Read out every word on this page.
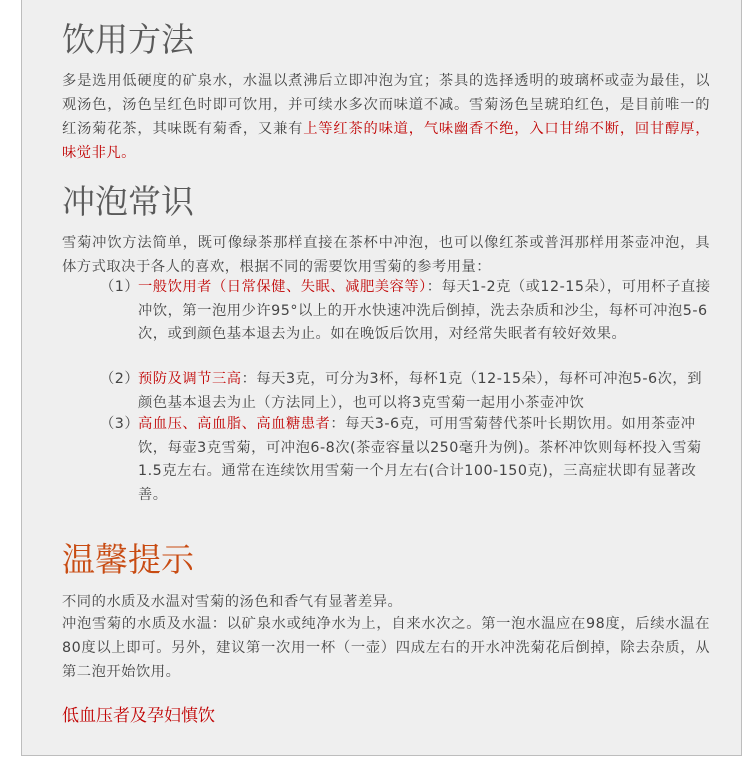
饮用方法
多是选用低硬度的矿泉水，水温以煮沸后立即冲泡为宜；茶具的选择透明的玻璃杯或壶为最佳，以观汤色，汤色呈红色时即可饮用，并可续水多次而味道不减。雪菊汤色呈琥珀红色，是目前唯一的红汤菊花茶，其味既有菊香，又兼有上等红茶的味道，气味幽香不绝，入口甘绵不断，回甘醇厚，味觉非凡。
冲泡常识
雪菊冲饮方法简单，既可像绿茶那样直接在茶杯中冲泡，也可以像红茶或普洱那样用茶壶冲泡，具体方式取决于各人的喜欢，根据不同的需要饮用雪菊的参考用量：
（1）
一般饮用者（日常保健、失眠、减肥美容等）：每天1-2克（或12-15朵），可用杯子直接冲饮，第一泡用少许95°以上的开水快速冲洗后倒掉，洗去杂质和沙尘，每杯可冲泡5-6次，或到颜色基本退去为止。如在晚饭后饮用，对经常失眠者有较好效果。
（2）
预防及调节三高：每天3克，可分为3杯，每杯1克（12-15朵），每杯可冲泡5-6次，到颜色基本退去为止（方法同上），也可以将3克雪菊一起用小茶壶冲饮
（3）
高血压、高血脂、高血糖患者：每天3-6克，可用雪菊替代茶叶长期饮用。如用茶壶冲饮，每壶3克雪菊，可冲泡6-8次(茶壶容量以250毫升为例)。茶杯冲饮则每杯投入雪菊1.5克左右。通常在连续饮用雪菊一个月左右(合计100-150克)，三高症状即有显著改善。
温馨提示
不同的水质及水温对雪菊的汤色和香气有显著差异。
冲泡雪菊的水质及水温：以矿泉水或纯净水为上，自来水次之。第一泡水温应在98度，后续水温在80度以上即可。另外，建议第一次用一杯（一壶）四成左右的开水冲洗菊花后倒掉，除去杂质，从第二泡开始饮用。
低血压者及孕妇慎饮
